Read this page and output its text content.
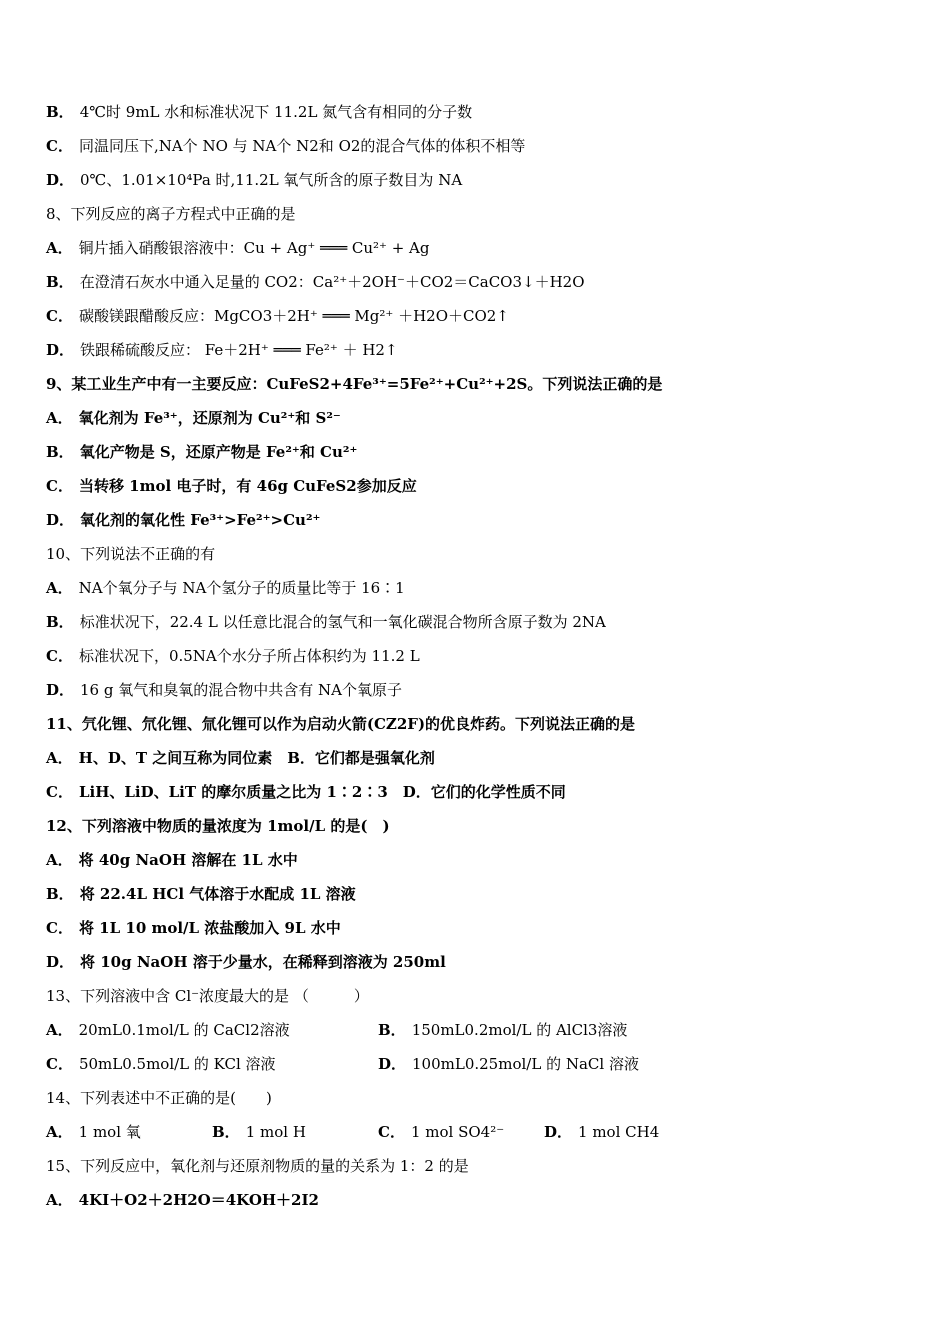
B． 4℃时 9mL 水和标准状况下 11.2L 氮气含有相同的分子数
C． 同温同压下,NA个 NO 与 NA个 N2和 O2的混合气体的体积不相等
D． 0℃、1.01×10⁴Pa 时,11.2L 氧气所含的原子数目为 NA
8、下列反应的离子方程式中正确的是
A． 铜片插入硝酸银溶液中：Cu + Ag⁺ ═══ Cu²⁺ + Ag
B． 在澄清石灰水中通入足量的 CO2：Ca²⁺＋2OH⁻＋CO2＝CaCO3↓＋H2O
C． 碳酸镁跟醋酸反应：MgCO3＋2H⁺ ═══ Mg²⁺ ＋H2O＋CO2↑
D． 铁跟稀硫酸反应： Fe＋2H⁺ ═══ Fe²⁺ ＋ H2↑
9、某工业生产中有一主要反应：CuFeS2+4Fe³⁺=5Fe²⁺+Cu²⁺+2S。下列说法正确的是
A． 氧化剂为 Fe³⁺，还原剂为 Cu²⁺和 S²⁻
B． 氧化产物是 S，还原产物是 Fe²⁺和 Cu²⁺
C． 当转移 1mol 电子时，有 46g CuFeS2参加反应
D． 氧化剂的氧化性 Fe³⁺>Fe²⁺>Cu²⁺
10、下列说法不正确的有
A． NA个氧分子与 NA个氢分子的质量比等于 16∶1
B． 标准状况下，22.4 L 以任意比混合的氢气和一氧化碳混合物所含原子数为 2NA
C． 标准状况下，0.5NA个水分子所占体积约为 11.2 L
D． 16 g 氧气和臭氧的混合物中共含有 NA个氧原子
11、氕化锂、氘化锂、氚化锂可以作为启动火箭(CZ2F)的优良炸药。下列说法正确的是
A． H、D、T 之间互称为同位素　B．它们都是强氧化剂
C． LiH、LiD、LiT 的摩尔质量之比为 1∶2∶3　D．它们的化学性质不同
12、下列溶液中物质的量浓度为 1mol/L 的是(　)
A． 将 40g NaOH 溶解在 1L 水中
B． 将 22.4L HCl 气体溶于水配成 1L 溶液
C． 将 1L 10 mol/L 浓盐酸加入 9L 水中
D． 将 10g NaOH 溶于少量水，在稀释到溶液为 250ml
13、下列溶液中含 Cl⁻浓度最大的是 （　　　）
A． 20mL0.1mol/L 的 CaCl2溶液	B． 150mL0.2mol/L 的 AlCl3溶液
C． 50mL0.5mol/L 的 KCl 溶液	D． 100mL0.25mol/L 的 NaCl 溶液
14、下列表述中不正确的是(　　)
A． 1 mol 氧	B． 1 mol H	C． 1 mol SO4²⁻	D． 1 mol CH4
15、下列反应中，氧化剂与还原剂物质的量的关系为 1：2 的是
A． 4KI＋O2＋2H2O＝4KOH＋2I2
